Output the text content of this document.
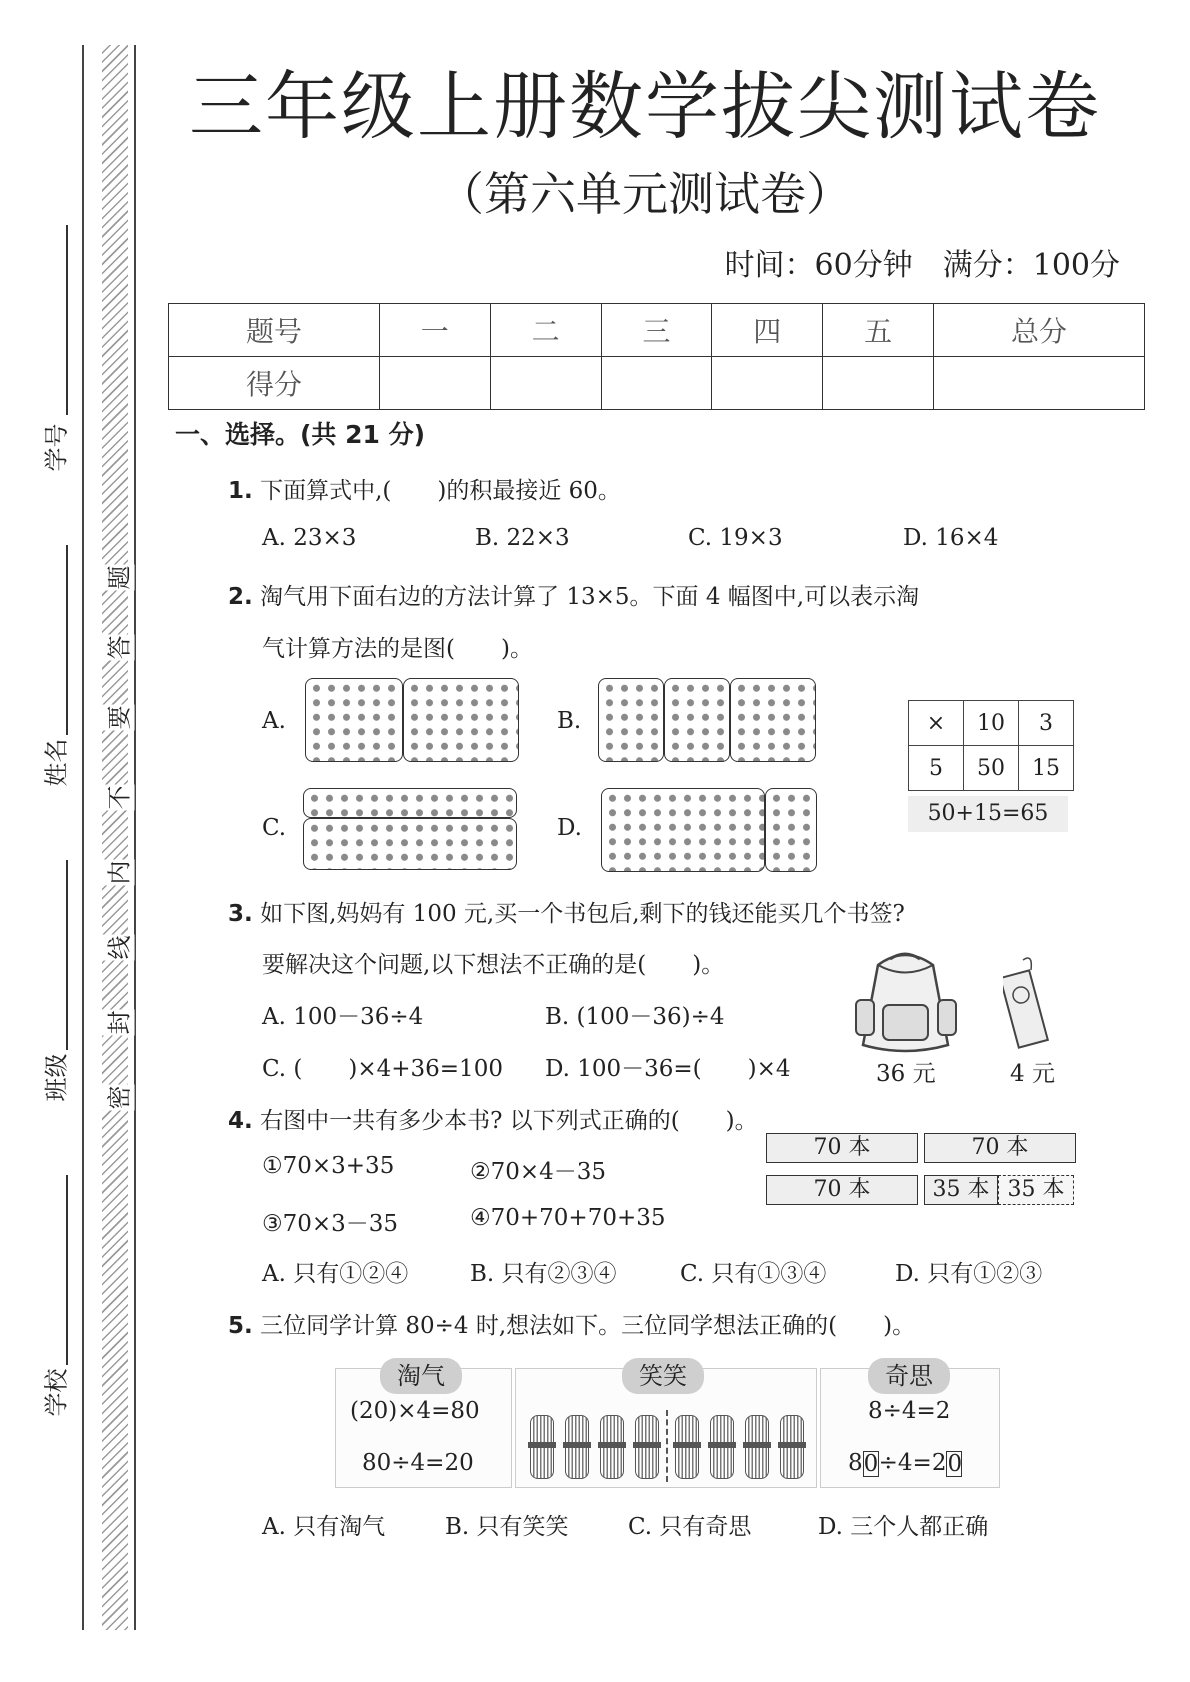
学号
姓名
班级
学校
题
答
要
不
内
线
封
密
三年级上册数学拔尖测试卷
（第六单元测试卷）
时间：60分钟　满分：100分
题号	一	二	三	四	五	总分
得分						
一、选择。(共 21 分)
1. 下面算式中,(　　)的积最接近 60。
A. 23×3	B. 22×3	C. 19×3	D. 16×4
2. 淘气用下面右边的方法计算了 13×5。下面 4 幅图中,可以表示淘
气计算方法的是图(　　)。
A.	B.
C.	D.
×	10	3
5	50	15
50+15=65
3. 如下图,妈妈有 100 元,买一个书包后,剩下的钱还能买几个书签?
要解决这个问题,以下想法不正确的是(　　)。
A. 100－36÷4	B. (100－36)÷4
C. (　　)×4+36=100 D. 100－36=(　　)×4	36 元	4 元
4. 右图中一共有多少本书? 以下列式正确的(　　)。
①70×3+35	②70×4－35
③70×3－35	④70+70+70+35
70 本	70 本
70 本	35 本 35 本
A. 只有①②④	B. 只有②③④	C. 只有①③④	D. 只有①②③
5. 三位同学计算 80÷4 时,想法如下。三位同学想法正确的(　　)。
淘气	笑笑	奇思
(20)×4=80
80÷4=20
8÷4=2
80÷4=20
A. 只有淘气	B. 只有笑笑	C. 只有奇思	D. 三个人都正确
